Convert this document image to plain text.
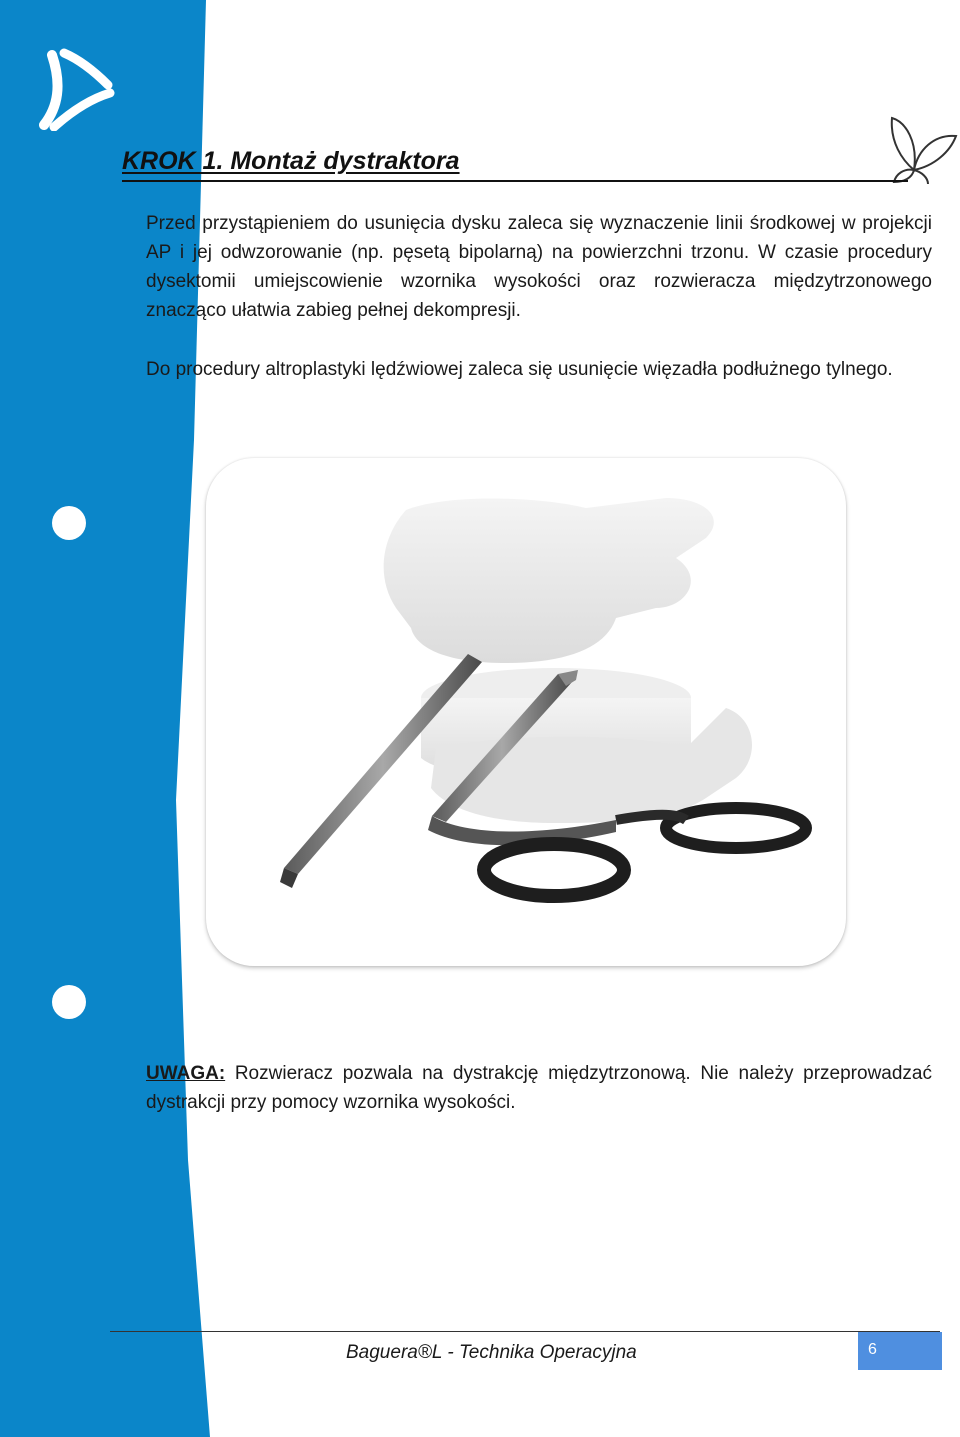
KROK 1. Montaż dystraktora

Przed przystąpieniem do usunięcia dysku zaleca się wyznaczenie linii środkowej w projekcji AP i jej odwzorowanie (np. pęsetą bipolarną) na powierzchni trzonu. W czasie procedury dysektomii umiejscowienie wzornika wysokości oraz rozwieracza międzytrzonowego znacząco ułatwia zabieg pełnej dekompresji.

Do procedury altroplastyki lędźwiowej zaleca się usunięcie więzadła podłużnego tylnego.

UWAGA: Rozwieracz pozwala na dystrakcję międzytrzonową. Nie należy przeprowadzać dystrakcji przy pomocy wzornika wysokości.

Baguera®L - Technika Operacyjna	6
